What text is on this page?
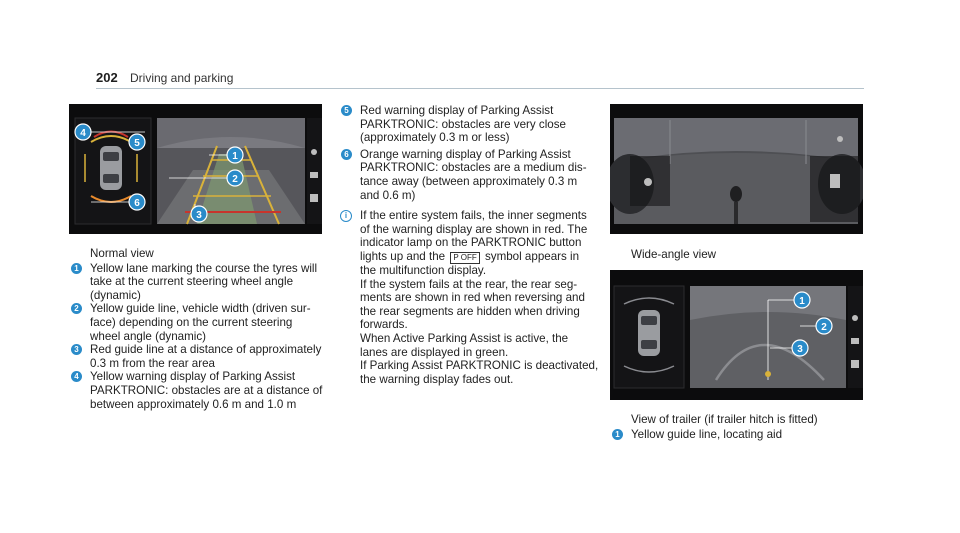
202 Driving and parking
1
2
3
4
5
6
Normal view
1 Yellow lane marking the course the tyres will
take at the current steering wheel angle
(dynamic)
2 Yellow guide line, vehicle width (driven sur-
face) depending on the current steering
wheel angle (dynamic)
3 Red guide line at a distance of approximately
0.3 m from the rear area
4 Yellow warning display of Parking Assist
PARKTRONIC: obstacles are at a distance of
between approximately 0.6 m and 1.0 m
5 Red warning display of Parking Assist
PARKTRONIC: obstacles are very close
(approximately 0.3 m or less)
6 Orange warning display of Parking Assist
PARKTRONIC: obstacles are a medium dis-
tance away (between approximately 0.3 m
and 0.6 m)
i	If the entire system fails, the inner segments
of the warning display are shown in red. The
indicator lamp on the PARKTRONIC button
lights up and the P OFF symbol appears in
the multifunction display.
If the system fails at the rear, the rear seg-
ments are shown in red when reversing and
the rear segments are hidden when driving
forwards.
When Active Parking Assist is active, the
lanes are displayed in green.
If Parking Assist PARKTRONIC is deactivated,
the warning display fades out.
Wide-angle view
1
2
3
View of trailer (if trailer hitch is fitted)
1 Yellow guide line, locating aid
